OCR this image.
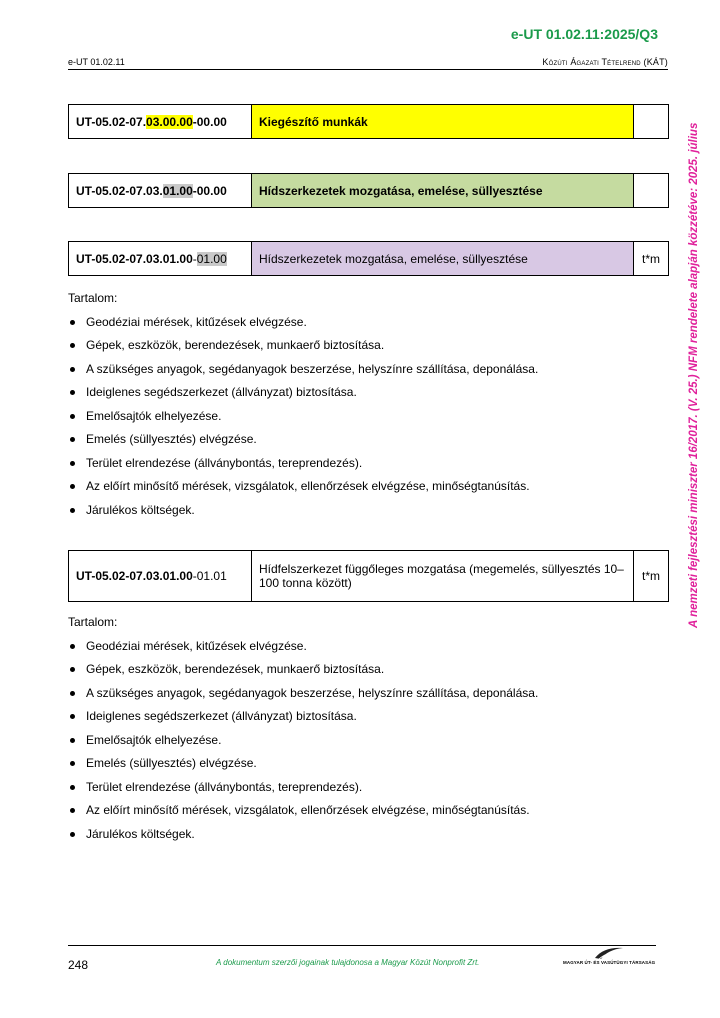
e-UT 01.02.11:2025/Q3
e-UT 01.02.11	Közúti Ágazati Tételrend (KÁT)
A nemzeti fejlesztési miniszter 16/2017. (V. 25.) NFM rendelete alapján közzétéve: 2025. július
UT-05.02-07. 03.00.00 -00.00	Kiegészítő munkák
UT-05.02-07.03. 01.00 -00.00	Hídszerkezetek mozgatása, emelése, süllyesztése
UT-05.02-07.03.01.00 - 01.00	Hídszerkezetek mozgatása, emelése, süllyesztése	t*m
Tartalom:
Geodéziai mérések, kitűzések elvégzése.
Gépek, eszközök, berendezések, munkaerő biztosítása.
A szükséges anyagok, segédanyagok beszerzése, helyszínre szállítása, deponálása.
Ideiglenes segédszerkezet (állványzat) biztosítása.
Emelősajtók elhelyezése.
Emelés (süllyesztés) elvégzése.
Terület elrendezése (állványbontás, tereprendezés).
Az előírt minősítő mérések, vizsgálatok, ellenőrzések elvégzése, minőségtanúsítás.
Járulékos költségek.
UT-05.02-07.03.01.00 -01.01	Hídfelszerkezet függőleges mozgatása (megemelés, süllyesztés 10–100 tonna között)	t*m
Tartalom:
Geodéziai mérések, kitűzések elvégzése.
Gépek, eszközök, berendezések, munkaerő biztosítása.
A szükséges anyagok, segédanyagok beszerzése, helyszínre szállítása, deponálása.
Ideiglenes segédszerkezet (állványzat) biztosítása.
Emelősajtók elhelyezése.
Emelés (süllyesztés) elvégzése.
Terület elrendezése (állványbontás, tereprendezés).
Az előírt minősítő mérések, vizsgálatok, ellenőrzések elvégzése, minőségtanúsítás.
Járulékos költségek.
248	A dokumentum szerzői jogainak tulajdonosa a Magyar Közút Nonprofit Zrt.	MAGYAR ÚT- ÉS VASÚTÜGYI TÁRSASÁG
